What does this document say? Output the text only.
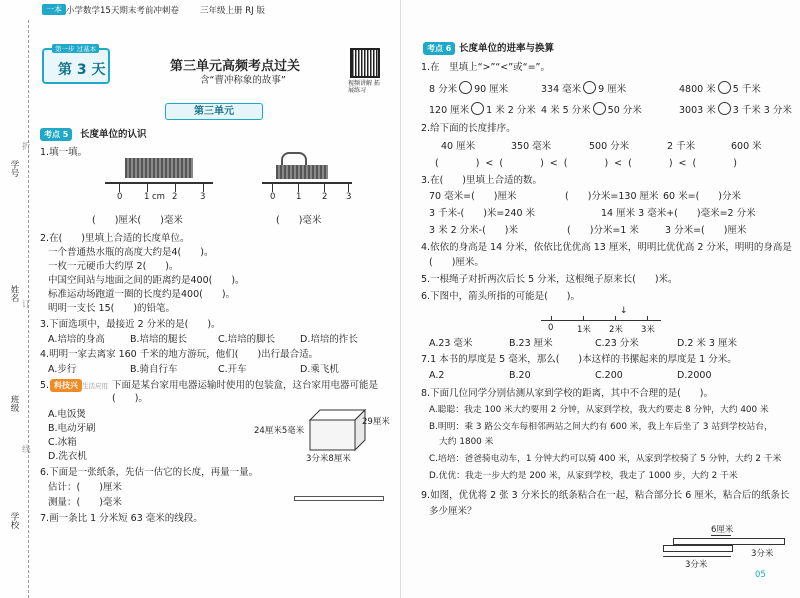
一本 小学数学15天期末考前冲刺卷 三年级上册 RJ 版
第一步 过基本
第 3 天	第三单元高频考点过关
含“曹冲称象的故事”	视频讲解 拓展练习
第三单元
学号
姓名
班级
学校
折
订
线
考点 5	长度单位的认识
1.填一填。
0	1 cm 2	3
(　　)厘米(　　)毫米
0 1 2 3
(　　)毫米
2.在(　　)里填上合适的长度单位。
一个普通热水瓶的高度大约是4(　　)。
一枚一元硬币大约厚 2(　　)。
中国空间站与地面之间的距离约是400(　　)。
标准运动场跑道一圈的长度约是400(　　)。
明明一支长 15(　　)的铅笔。
3.下面选项中，最接近 2 分米的是(　　)。
A.培培的身高	B.培培的腿长	C.培培的脚长	D.培培的拃长
4.明明一家去离家 160 千米的地方游玩，他们(　　)出行最合适。
A.步行	B.骑自行车	C.开车	D.乘飞机
5. 科技兴 生活应用 下面是某台家用电器运输时使用的包装盒，这台家用电器可能是(　　)。
A.电饭煲
B.电动牙刷
C.冰箱
D.洗衣机
24厘米5毫米
29厘米
3分米8厘米
6.下面是一张纸条，先估一估它的长度，再量一量。
估计：(　　)厘米
测量：(　　)毫米
7.画一条比 1 分米短 63 毫米的线段。
考点 6 长度单位的进率与换算
1.在　里填上“>”“<”或“=”。
8 分米 90 厘米	334 毫米 9 厘米	4800 米 5 千米
120 厘米 1 米 2 分米 4 米 5 分米 50 分米	3003 米 3 千米 3 分米
2.给下面的长度排序。
40 厘米	350 毫米	500 分米	2 千米	600 米
(　　)<(　　)<(　　)<(　　)<(　　)
3.在(　　)里填上合适的数。
70 毫米=(　　)厘米	(　　)分米=130 厘米 60 米=(　　)分米
3 千米-(　　)米=240 米	14 厘米 3 毫米+(　　)毫米=2 分米
3 米 2 分米-(　　)米	(　　)分米=1 米	3 分米=(　　)厘米
4.依依的身高是 14 分米，依依比优优高 13 厘米，明明比优优高 2 分米，明明的身高是
(　　)厘米。
5.一根绳子对折两次后长 5 分米，这根绳子原来长(　　)米。
6.下图中，箭头所指的可能是(　　)。
↓
0	1米 2米 3米
A.23 毫米	B.23 厘米	C.23 分米	D.2 米 3 厘米
7.1 本书的厚度是 5 毫米，那么(　　)本这样的书摞起来的厚度是 1 分米。
A.2	B.20	C.200	D.2000
8.下面几位同学分别估测从家到学校的距离，其中不合理的是(　　)。
A.聪聪：我走 100 米大约要用 2 分钟，从家到学校，我大约要走 8 分钟，大约 400 米
B.明明：乘 3 路公交车每相邻两站之间大约有 600 米，我上车后坐了 3 站到学校站台，
大约 1800 米
C.培培：爸爸骑电动车，1 分钟大约可以骑 400 米，从家到学校骑了 5 分钟，大约 2 千米
D.优优：我走一步大约是 200 米，从家到学校，我走了 1000 步，大约 2 千米
9.如图，优优将 2 张 3 分米长的纸条粘合在一起，粘合部分长 6 厘米，粘合后的纸条长
多少厘米？
6厘米
3分米
3分米
05
